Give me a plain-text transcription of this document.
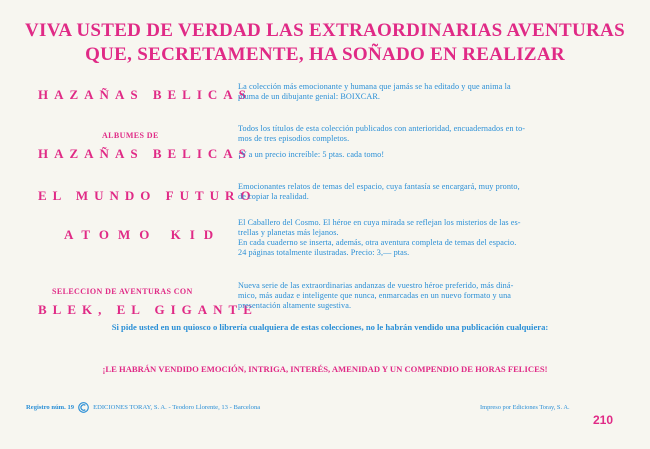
VIVA USTED DE VERDAD LAS EXTRAORDINARIAS AVENTURAS
QUE, SECRETAMENTE, HA SOÑADO EN REALIZAR
HAZAÑAS BELICAS
La colección más emocionante y humana que jamás se ha editado y que anima la
pluma de un dibujante genial: BOIXCAR.
ALBUMES DE
HAZAÑAS BELICAS
Todos los títulos de esta colección publicados con anterioridad, encuadernados en to-
mos de tres episodios completos.
¡Y a un precio increíble: 5 ptas. cada tomo!
EL MUNDO FUTURO
Emocionantes relatos de temas del espacio, cuya fantasía se encargará, muy pronto,
de copiar la realidad.
ATOMO KID
El Caballero del Cosmo. El héroe en cuya mirada se reflejan los misterios de las es-
trellas y planetas más lejanos.
En cada cuaderno se inserta, además, otra aventura completa de temas del espacio.
24 páginas totalmente ilustradas. Precio: 3,— ptas.
SELECCION DE AVENTURAS CON
BLEK, EL GIGANTE
Nueva serie de las extraordinarias andanzas de vuestro héroe preferido, más diná-
mico, más audaz e inteligente que nunca, enmarcadas en un nuevo formato y una
presentación altamente sugestiva.
Si pide usted en un quiosco o librería cualquiera de estas colecciones, no le habrán vendido una publicación cualquiera:
¡LE HABRÁN VENDIDO EMOCIÓN, INTRIGA, INTERÉS, AMENIDAD Y UN COMPENDIO DE HORAS FELICES!
Registro núm. 19	EDICIONES TORAY, S. A. - Teodoro Llorente, 13 - Barcelona	Impreso por Ediciones Toray, S. A.
210
